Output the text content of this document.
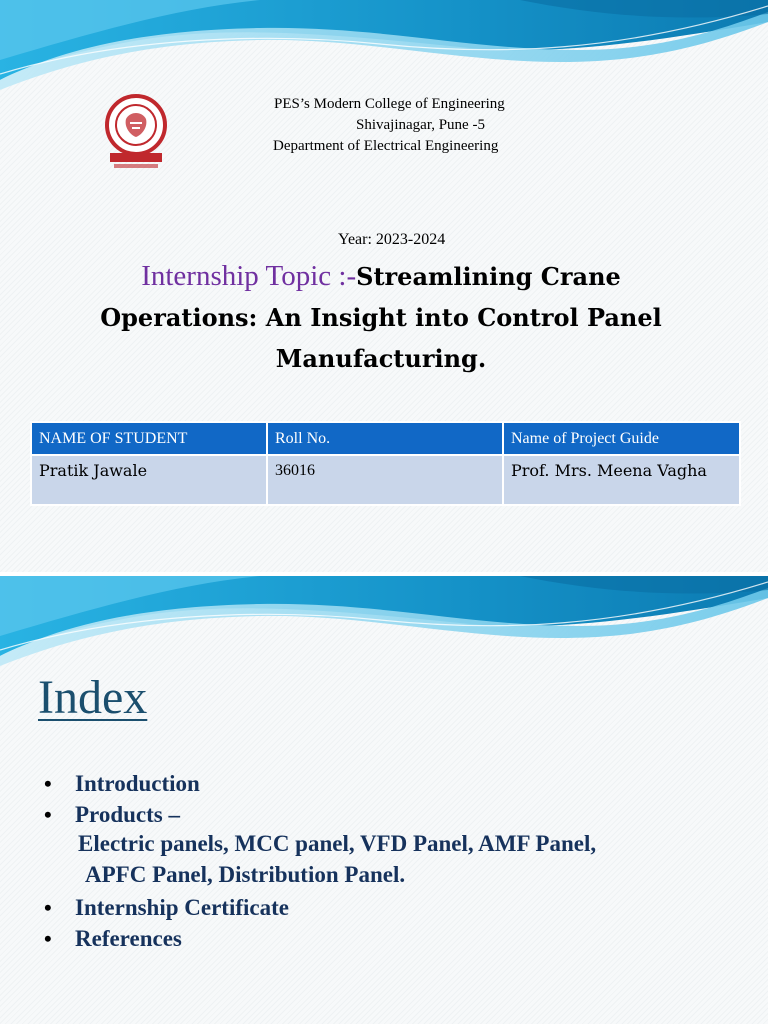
PES’s Modern College of Engineering
Shivajinagar, Pune -5
Department of Electrical Engineering
Year: 2023-2024
Internship Topic :-Streamlining Crane Operations: An Insight into Control Panel Manufacturing.
NAME OF STUDENT	Roll No.	Name of Project Guide
Pratik Jawale	36016	Prof. Mrs. Meena Vagha
Index
• Introduction
• Products –
• Internship Certificate
• References
Electric panels, MCC panel, VFD Panel, AMF Panel,
APFC Panel, Distribution Panel.
